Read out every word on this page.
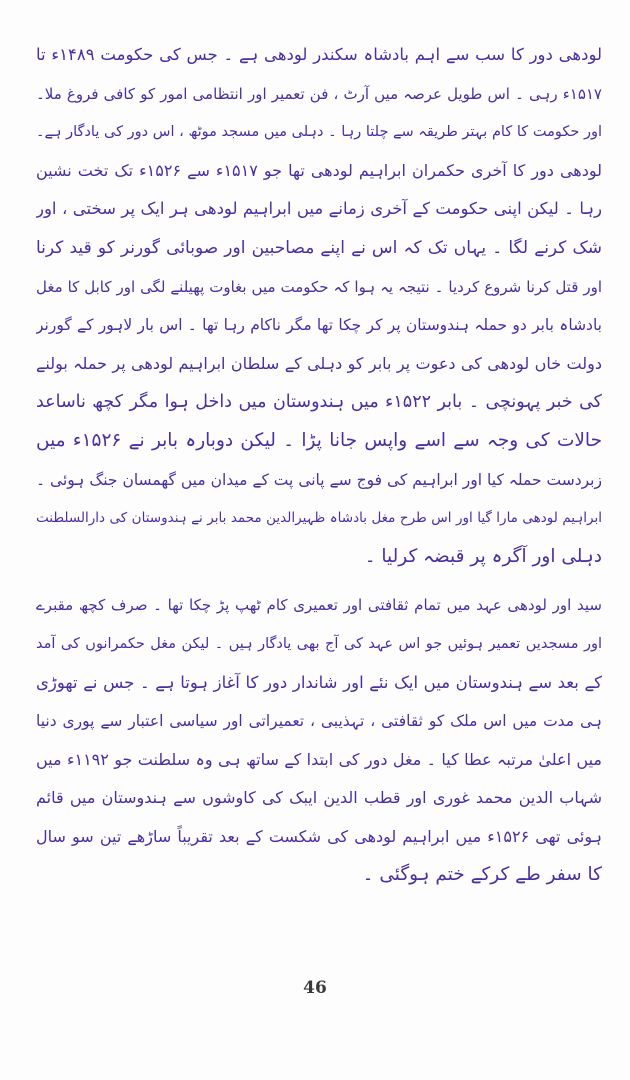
لودھی دور کا سب سے اہم بادشاہ سکندر لودھی ہے ۔ جس کی حکومت ۱۴۸۹ء تا
۱۵۱۷ء رہی ۔ اس طویل عرصہ میں آرٹ ، فن تعمیر اور انتظامی امور کو کافی فروغ ملا۔
اور حکومت کا کام بہتر طریقہ سے چلتا رہا ۔ دہلی میں مسجد موٹھ ، اس دور کی یادگار ہے۔
لودھی دور کا آخری حکمران ابراہیم لودھی تھا جو ۱۵۱۷ء سے ۱۵۲۶ء تک تخت نشین
رہا ۔ لیکن اپنی حکومت کے آخری زمانے میں ابراہیم لودھی ہر ایک پر سختی ، اور
شک کرنے لگا ۔ یہاں تک کہ اس نے اپنے مصاحبین اور صوبائی گورنر کو قید کرنا
اور قتل کرنا شروع کردیا ۔ نتیجہ یہ ہوا کہ حکومت میں بغاوت پھیلنے لگی اور کابل کا مغل
بادشاہ بابر دو حملہ ہندوستان پر کر چکا تھا مگر ناکام رہا تھا ۔ اس بار لاہور کے گورنر
دولت خاں لودھی کی دعوت پر بابر کو دہلی کے سلطان ابراہیم لودھی پر حملہ بولنے
کی خبر پہونچی ۔ بابر ۱۵۲۲ء میں ہندوستان میں داخل ہوا مگر کچھ ناساعد
حالات کی وجہ سے اسے واپس جانا پڑا ۔ لیکن دوبارہ بابر نے ۱۵۲۶ء میں
زبردست حملہ کیا اور ابراہیم کی فوج سے پانی پت کے میدان میں گھمسان جنگ ہوئی ۔
ابراہیم لودھی مارا گیا اور اس طرح مغل بادشاہ ظہیرالدین محمد بابر نے ہندوستان کی دارالسلطنت
دہلی اور آگرہ پر قبضہ کرلیا ۔
سید اور لودھی عہد میں تمام ثقافتی اور تعمیری کام ٹھپ پڑ چکا تھا ۔ صرف کچھ مقبرے
اور مسجدیں تعمیر ہوئیں جو اس عہد کی آج بھی یادگار ہیں ۔ لیکن مغل حکمرانوں کی آمد
کے بعد سے ہندوستان میں ایک نئے اور شاندار دور کا آغاز ہوتا ہے ۔ جس نے تھوڑی
ہی مدت میں اس ملک کو ثقافتی ، تہذیبی ، تعمیراتی اور سیاسی اعتبار سے پوری دنیا
میں اعلیٰ مرتبہ عطا کیا ۔ مغل دور کی ابتدا کے ساتھ ہی وہ سلطنت جو ۱۱۹۲ء میں
شہاب الدین محمد غوری اور قطب الدین ایبک کی کاوشوں سے ہندوستان میں قائم
ہوئی تھی ۱۵۲۶ء میں ابراہیم لودھی کی شکست کے بعد تقریباً ساڑھے تین سو سال
کا سفر طے کرکے ختم ہوگئی ۔
46
